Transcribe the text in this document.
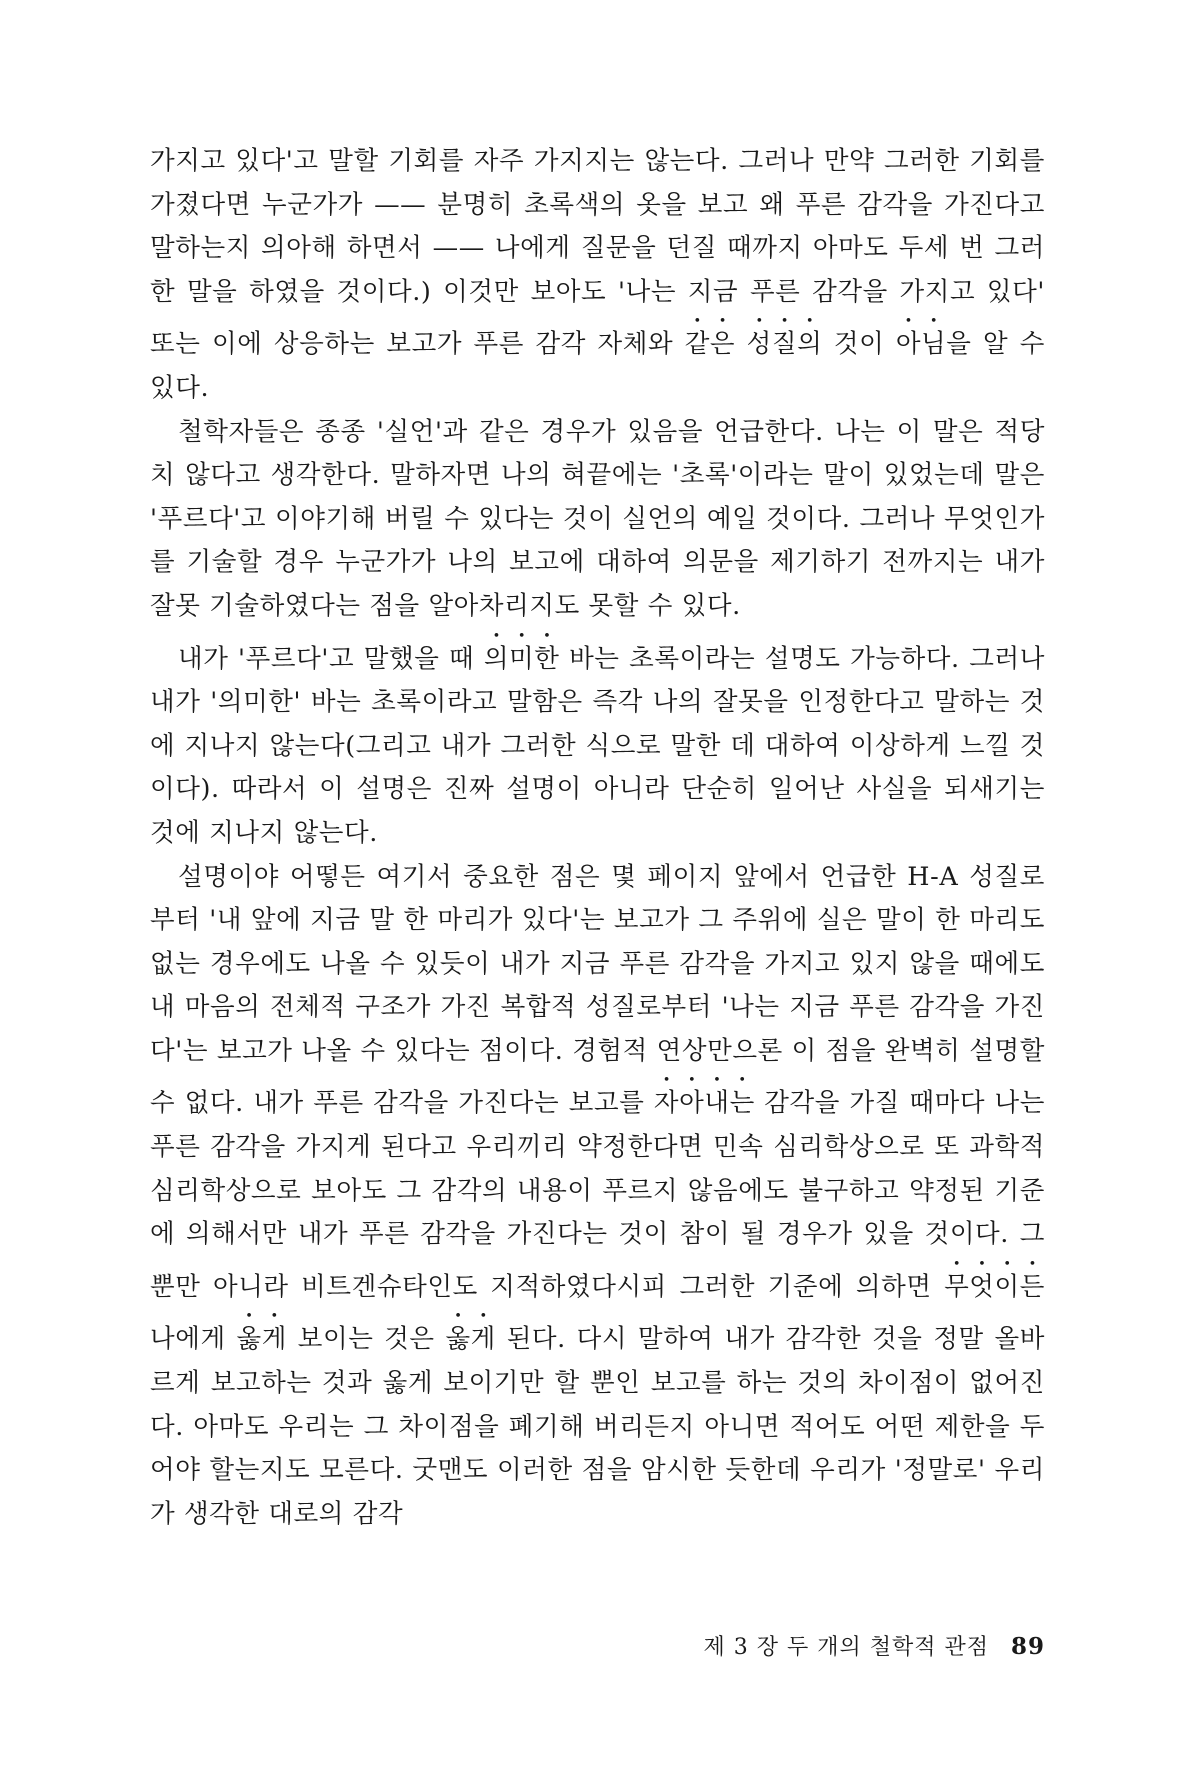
가지고 있다'고 말할 기회를 자주 가지지는 않는다. 그러나 만약 그러한 기회를 가졌다면 누군가가 —— 분명히 초록색의 옷을 보고 왜 푸른 감각을 가진다고 말하는지 의아해 하면서 —— 나에게 질문을 던질 때까지 아마도 두세 번 그러한 말을 하였을 것이다.) 이것만 보아도 '나는 지금 푸른 감각을 가지고 있다' 또는 이에 상응하는 보고가 푸른 감각 자체와 같은 성질의 것이 아님을 알 수 있다.

철학자들은 종종 '실언'과 같은 경우가 있음을 언급한다. 나는 이 말은 적당치 않다고 생각한다. 말하자면 나의 혀끝에는 '초록'이라는 말이 있었는데 말은 '푸르다'고 이야기해 버릴 수 있다는 것이 실언의 예일 것이다. 그러나 무엇인가를 기술할 경우 누군가가 나의 보고에 대하여 의문을 제기하기 전까지는 내가 잘못 기술하였다는 점을 알아차리지도 못할 수 있다.

내가 '푸르다'고 말했을 때 의미한 바는 초록이라는 설명도 가능하다. 그러나 내가 '의미한' 바는 초록이라고 말함은 즉각 나의 잘못을 인정한다고 말하는 것에 지나지 않는다(그리고 내가 그러한 식으로 말한 데 대하여 이상하게 느낄 것이다). 따라서 이 설명은 진짜 설명이 아니라 단순히 일어난 사실을 되새기는 것에 지나지 않는다.

설명이야 어떻든 여기서 중요한 점은 몇 페이지 앞에서 언급한 H-A 성질로부터 '내 앞에 지금 말 한 마리가 있다'는 보고가 그 주위에 실은 말이 한 마리도 없는 경우에도 나올 수 있듯이 내가 지금 푸른 감각을 가지고 있지 않을 때에도 내 마음의 전체적 구조가 가진 복합적 성질로부터 '나는 지금 푸른 감각을 가진다'는 보고가 나올 수 있다는 점이다. 경험적 연상만으론 이 점을 완벽히 설명할 수 없다. 내가 푸른 감각을 가진다는 보고를 자아내는 감각을 가질 때마다 나는 푸른 감각을 가지게 된다고 우리끼리 약정한다면 민속 심리학상으로 또 과학적 심리학상으로 보아도 그 감각의 내용이 푸르지 않음에도 불구하고 약정된 기준에 의해서만 내가 푸른 감각을 가진다는 것이 참이 될 경우가 있을 것이다. 그뿐만 아니라 비트겐슈타인도 지적하였다시피 그러한 기준에 의하면 무엇이든 나에게 옳게 보이는 것은 옳게 된다. 다시 말하여 내가 감각한 것을 정말 올바르게 보고하는 것과 옳게 보이기만 할 뿐인 보고를 하는 것의 차이점이 없어진다. 아마도 우리는 그 차이점을 폐기해 버리든지 아니면 적어도 어떤 제한을 두어야 할는지도 모른다. 굿맨도 이러한 점을 암시한 듯한데 우리가 '정말로' 우리가 생각한 대로의 감각

제 3 장 두 개의 철학적 관점 89
